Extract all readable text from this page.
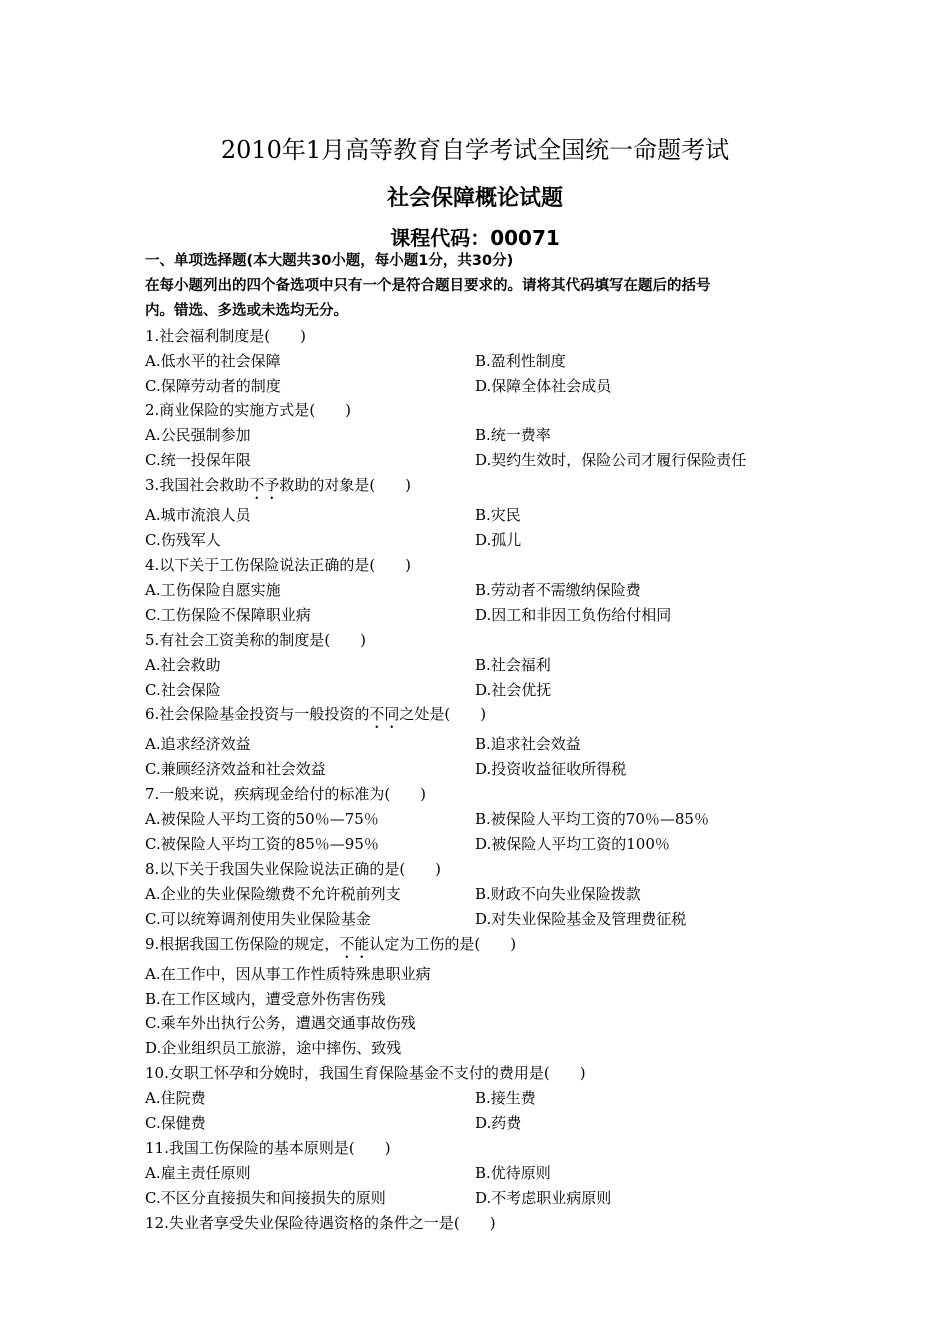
2010年1月高等教育自学考试全国统一命题考试
社会保障概论试题
课程代码：00071
一、单项选择题(本大题共30小题，每小题1分，共30分)
在每小题列出的四个备选项中只有一个是符合题目要求的。请将其代码填写在题后的括号
内。错选、多选或未选均无分。
1.社会福利制度是(　　)
A.低水平的社会保障	B.盈利性制度
C.保障劳动者的制度	D.保障全体社会成员
2.商业保险的实施方式是(　　)
A.公民强制参加	B.统一费率
C.统一投保年限	D.契约生效时，保险公司才履行保险责任
3.我国社会救助不予救助的对象是(　　)
A.城市流浪人员	B.灾民
C.伤残军人	D.孤儿
4.以下关于工伤保险说法正确的是(　　)
A.工伤保险自愿实施	B.劳动者不需缴纳保险费
C.工伤保险不保障职业病	D.因工和非因工负伤给付相同
5.有社会工资美称的制度是(　　)
A.社会救助	B.社会福利
C.社会保险	D.社会优抚
6.社会保险基金投资与一般投资的不同之处是(　　)
A.追求经济效益	B.追求社会效益
C.兼顾经济效益和社会效益	D.投资收益征收所得税
7.一般来说，疾病现金给付的标准为(　　)
A.被保险人平均工资的50％—75％	B.被保险人平均工资的70％—85％
C.被保险人平均工资的85％—95％	D.被保险人平均工资的100％
8.以下关于我国失业保险说法正确的是(　　)
A.企业的失业保险缴费不允许税前列支	B.财政不向失业保险拨款
C.可以统筹调剂使用失业保险基金	D.对失业保险基金及管理费征税
9.根据我国工伤保险的规定，不能认定为工伤的是(　　)
A.在工作中，因从事工作性质特殊患职业病
B.在工作区域内，遭受意外伤害伤残
C.乘车外出执行公务，遭遇交通事故伤残
D.企业组织员工旅游，途中摔伤、致残
10.女职工怀孕和分娩时，我国生育保险基金不支付的费用是(　　)
A.住院费	B.接生费
C.保健费	D.药费
11.我国工伤保险的基本原则是(　　)
A.雇主责任原则	B.优待原则
C.不区分直接损失和间接损失的原则	D.不考虑职业病原则
12.失业者享受失业保险待遇资格的条件之一是(　　)
